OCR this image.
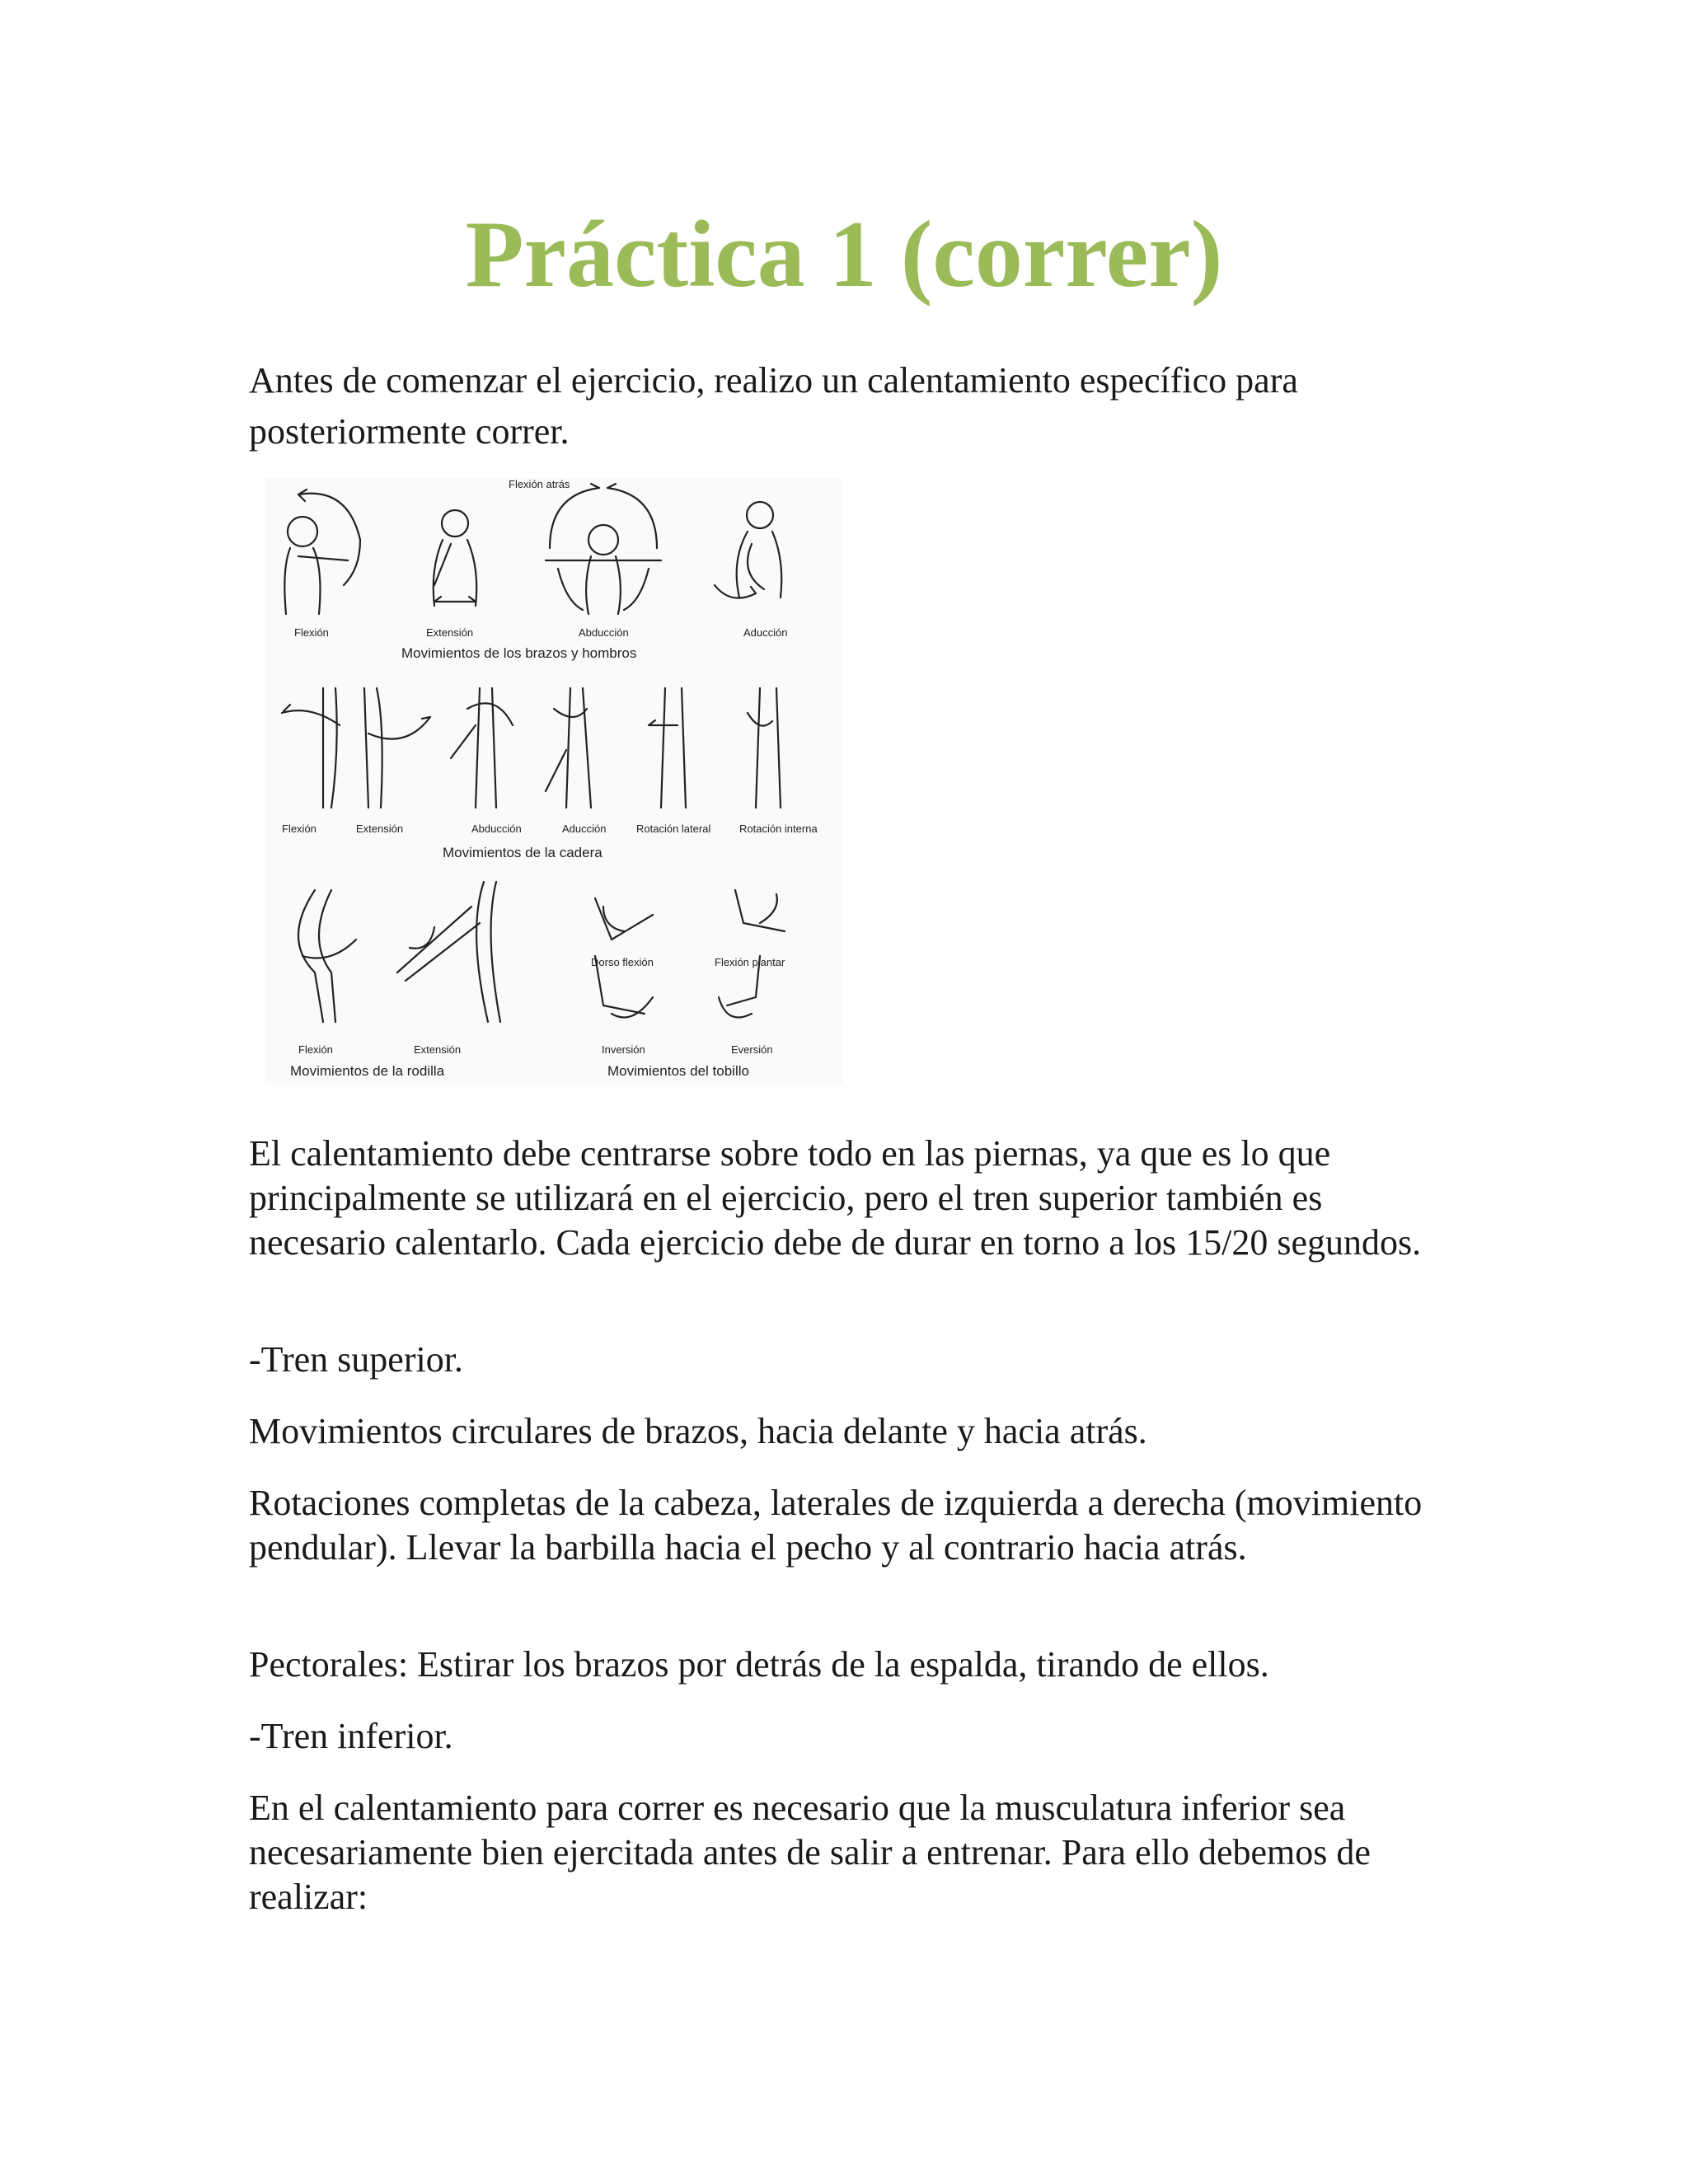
Práctica 1 (correr)

Antes de comenzar el ejercicio, realizo un calentamiento específico para

posteriormente correr.

Flexión atrás
Flexión	Extensión	Abducción	Aducción
Movimientos de los brazos y hombros
Flexión	Extensión	Abducción	Aducción	Rotación lateral	Rotación interna
Movimientos de la cadera
Dorso flexión	Flexión plantar
Flexión	Extensión	Inversión	Eversión
Movimientos de la rodilla	Movimientos del tobillo

El calentamiento debe centrarse sobre todo en las piernas, ya que es lo que principalmente se utilizará en el ejercicio, pero el tren superior también es necesario calentarlo. Cada ejercicio debe de durar en torno a los 15/20 segundos.

-Tren superior.

Movimientos circulares de brazos, hacia delante y hacia atrás.

Rotaciones completas de la cabeza, laterales de izquierda a derecha (movimiento pendular). Llevar la barbilla hacia el pecho y al contrario hacia atrás.

Pectorales: Estirar los brazos por detrás de la espalda, tirando de ellos.

-Tren inferior.

En el calentamiento para correr es necesario que la musculatura inferior sea necesariamente bien ejercitada antes de salir a entrenar. Para ello debemos de realizar:
